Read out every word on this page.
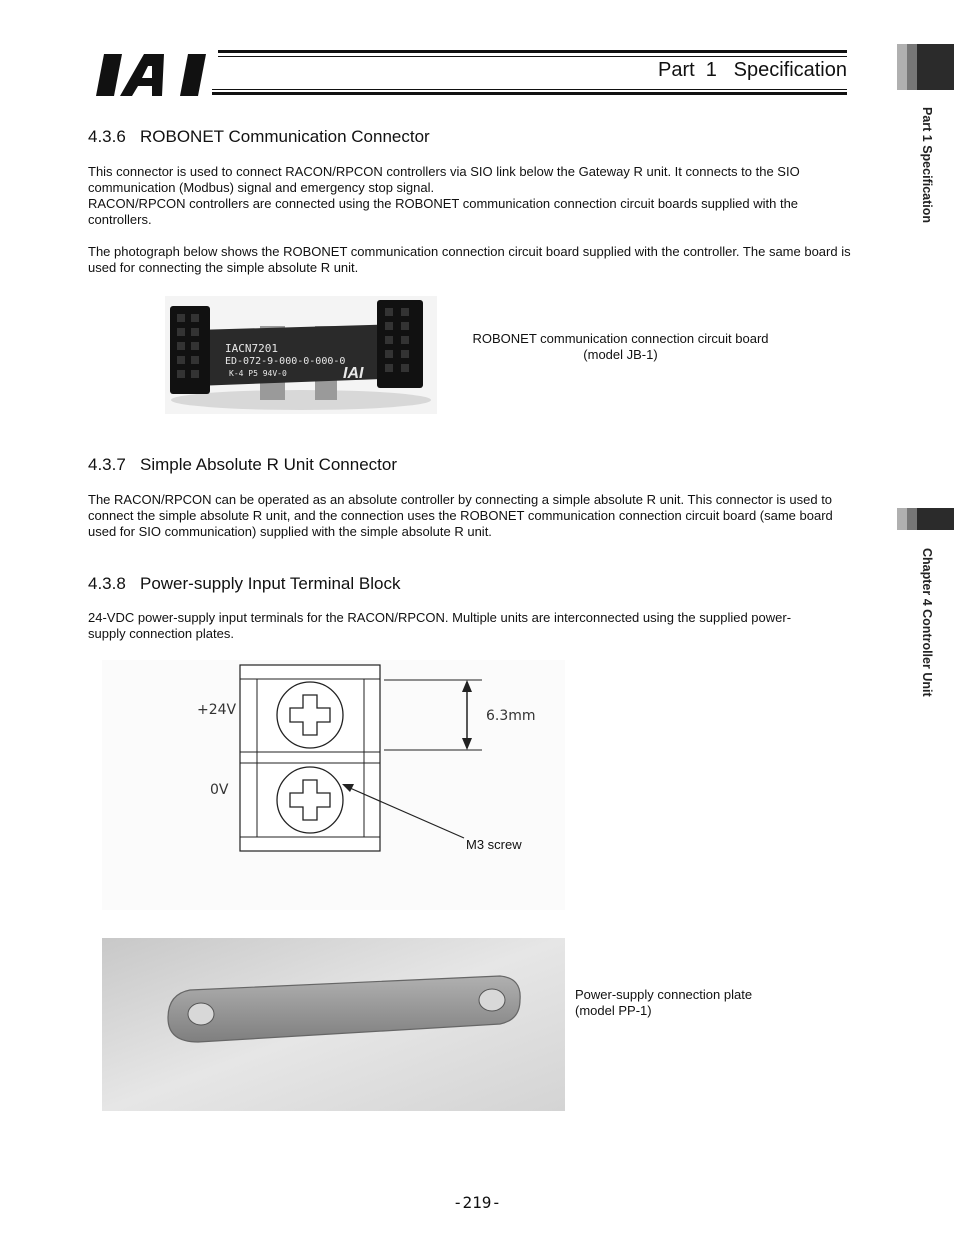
Part  1   Specification
Part 1 Specification
Chapter 4 Controller Unit
4.3.6   ROBONET Communication Connector

This connector is used to connect RACON/RPCON controllers via SIO link below the Gateway R unit. It connects to the SIO communication (Modbus) signal and emergency stop signal.

RACON/RPCON controllers are connected using the ROBONET communication connection circuit boards supplied with the controllers.

The photograph below shows the ROBONET communication connection circuit board supplied with the controller. The same board is used for connecting the simple absolute R unit.

IACN7201
ED-072-9-000-0-000-0
K-4 P5 94V-0	IAI
ROBONET communication connection circuit board
(model JB-1)
4.3.7   Simple Absolute R Unit Connector

The RACON/RPCON can be operated as an absolute controller by connecting a simple absolute R unit. This connector is used to connect the simple absolute R unit, and the connection uses the ROBONET communication connection circuit board (same board used for SIO communication) supplied with the simple absolute R unit.

4.3.8   Power-supply Input Terminal Block

24-VDC power-supply input terminals for the RACON/RPCON. Multiple units are interconnected using the supplied power-supply connection plates.

6.3mm
+24V
0V
M3 screw
Power-supply connection plate
(model PP-1)
-219-
